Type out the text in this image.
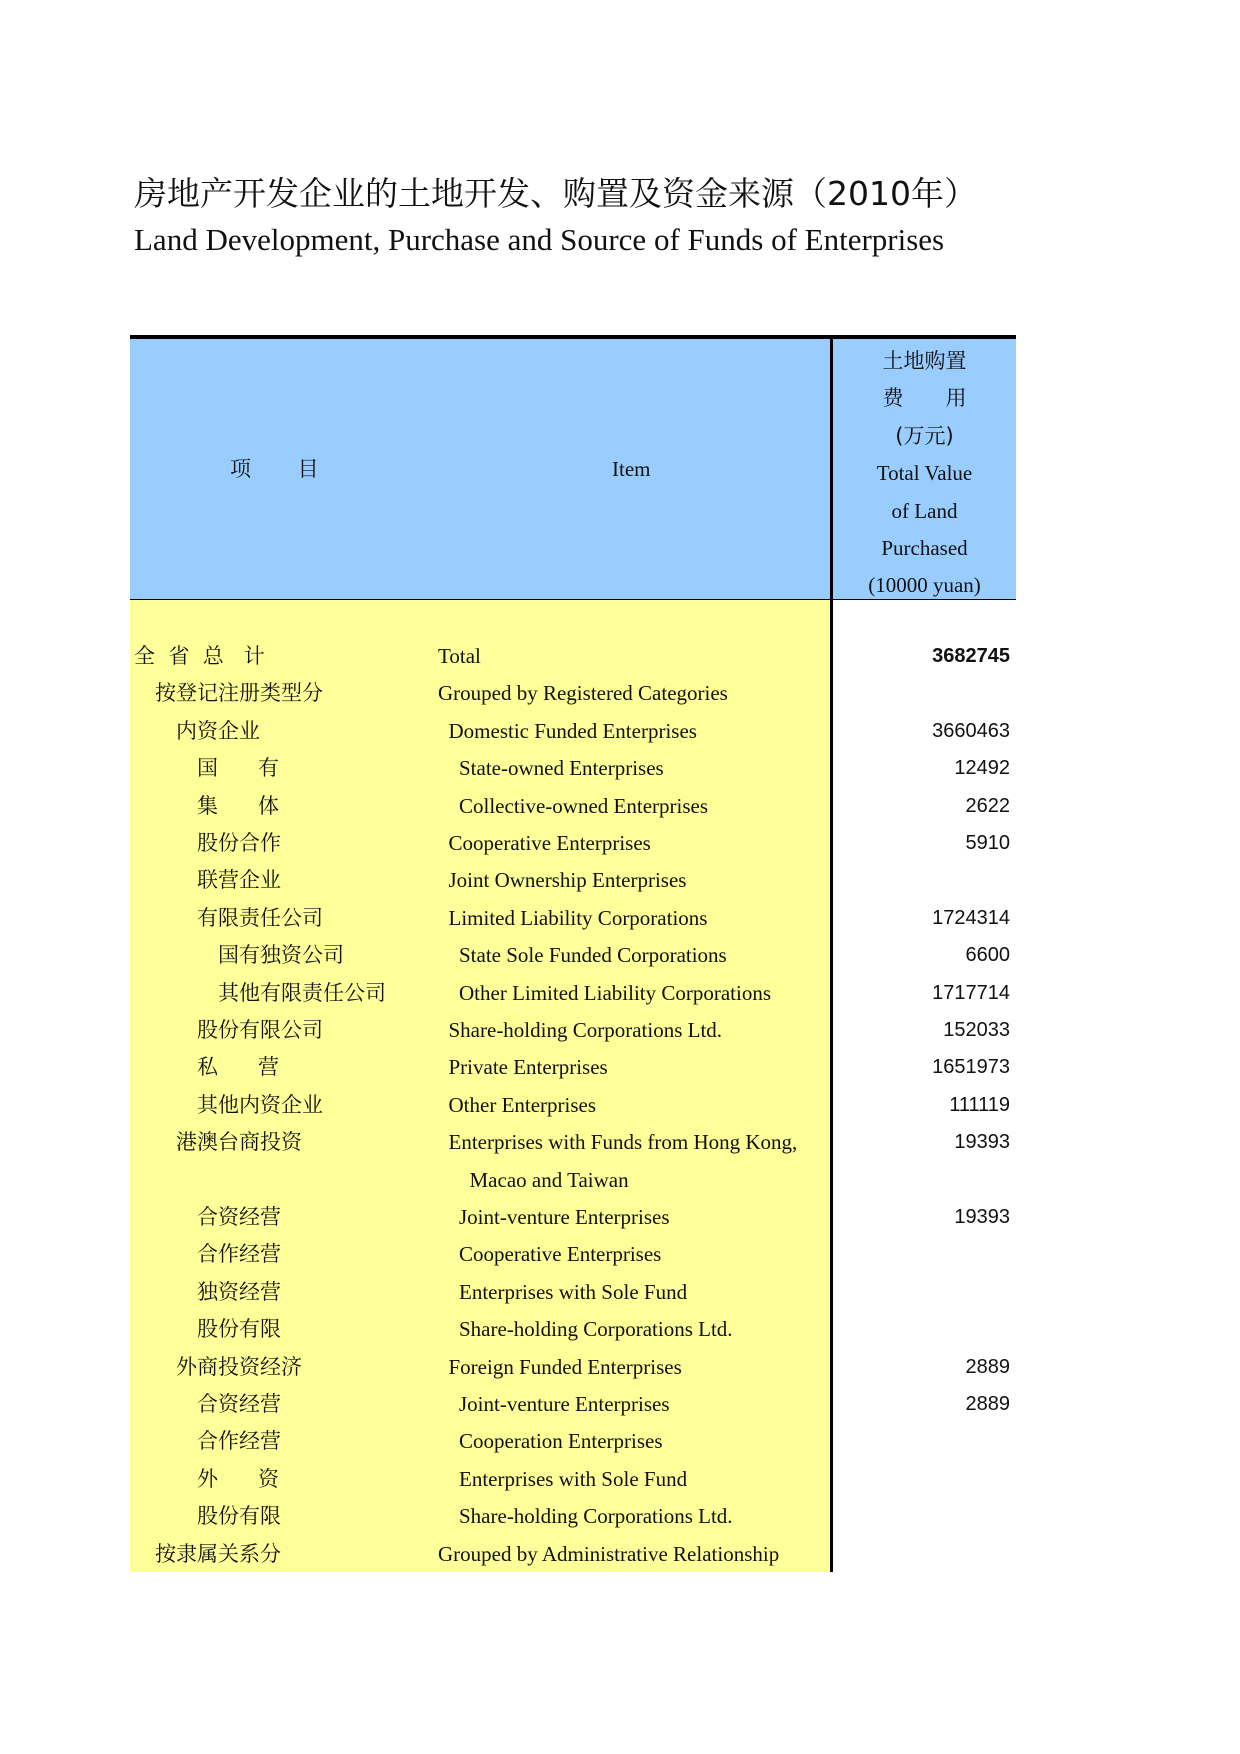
房地产开发企业的土地开发、购置及资金来源（2010年）
Land Development, Purchase and Source of Funds of Enterprises
项 目	Item
土地购置
费　　用
(万元)
Total Value
of Land
Purchased
(10000 yuan)
全  省  总   计	Total	3682745
按登记注册类型分	Grouped by Registered Categories
内资企业	Domestic Funded Enterprises	3660463
国      有	State-owned Enterprises	12492
集      体	Collective-owned Enterprises	2622
股份合作	Cooperative Enterprises	5910
联营企业	Joint Ownership Enterprises
有限责任公司	Limited Liability Corporations	1724314
国有独资公司	State Sole Funded Corporations	6600
其他有限责任公司	Other Limited Liability Corporations	1717714
股份有限公司	Share-holding Corporations Ltd.	152033
私      营	Private Enterprises	1651973
其他内资企业	Other Enterprises	111119
港澳台商投资	Enterprises with Funds from Hong Kong,	19393
Macao and Taiwan
合资经营	Joint-venture Enterprises	19393
合作经营	Cooperative Enterprises
独资经营	Enterprises with Sole Fund
股份有限	Share-holding Corporations Ltd.
外商投资经济	Foreign Funded Enterprises	2889
合资经营	Joint-venture Enterprises	2889
合作经营	Cooperation Enterprises
外      资	Enterprises with Sole Fund
股份有限	Share-holding Corporations Ltd.
按隶属关系分	Grouped by Administrative Relationship
